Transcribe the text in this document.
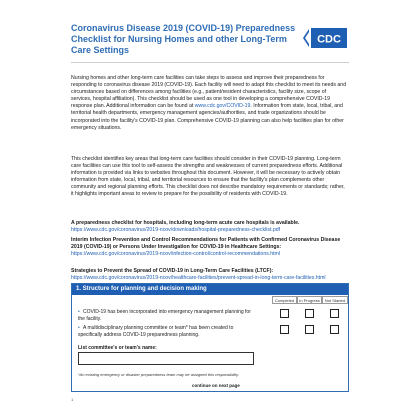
Coronavirus Disease 2019 (COVID-19) Preparedness Checklist for Nursing Homes and other Long-Term Care Settings
CDC

Nursing homes and other long-term care facilities can take steps to assess and improve their preparedness for responding to coronavirus disease 2019 (COVID-19). Each facility will need to adapt this checklist to meet its needs and circumstances based on differences among facilities (e.g., patient/resident characteristics, facility size, scope of services, hospital affiliation). This checklist should be used as one tool in developing a comprehensive COVID-19 response plan. Additional information can be found at www.cdc.gov/COVID-19. Information from state, local, tribal, and territorial health departments, emergency management agencies/authorities, and trade organizations should be incorporated into the facility's COVID-19 plan. Comprehensive COVID-19 planning can also help facilities plan for other emergency situations.

This checklist identifies key areas that long-term care facilities should consider in their COVID-19 planning. Long-term care facilities can use this tool to self-assess the strengths and weaknesses of current preparedness efforts. Additional information is provided via links to websites throughout this document. However, it will be necessary to actively obtain information from state, local, tribal, and territorial resources to ensure that the facility's plan complements other community and regional planning efforts. This checklist does not describe mandatory requirements or standards; rather, it highlights important areas to review to prepare for the possibility of residents with COVID-19.

A preparedness checklist for hospitals, including long-term acute care hospitals is available.
https://www.cdc.gov/coronavirus/2019-ncov/downloads/hospital-preparedness-checklist.pdf

Interim Infection Prevention and Control Recommendations for Patients with Confirmed Coronavirus Disease 2019 (COVID-19) or Persons Under Investigation for COVID-19 in Healthcare Settings:
https://www.cdc.gov/coronavirus/2019-ncov/infection-control/control-recommendations.html

Strategies to Prevent the Spread of COVID-19 in Long-Term Care Facilities (LTCF):
https://www.cdc.gov/coronavirus/2019-ncov/healthcare-facilities/prevent-spread-in-long-term-care-facilities.html

1. Structure for planning and decision making
Completed	In Progress	Not Started
• COVID-19 has been incorporated into emergency management planning for the facility.
• A multidisciplinary planning committee or team* has been created to specifically address COVID-19 preparedness planning.
List committee's or team's name:
*An existing emergency or disaster preparedness team may be assigned this responsibility.
continue on next page
1
